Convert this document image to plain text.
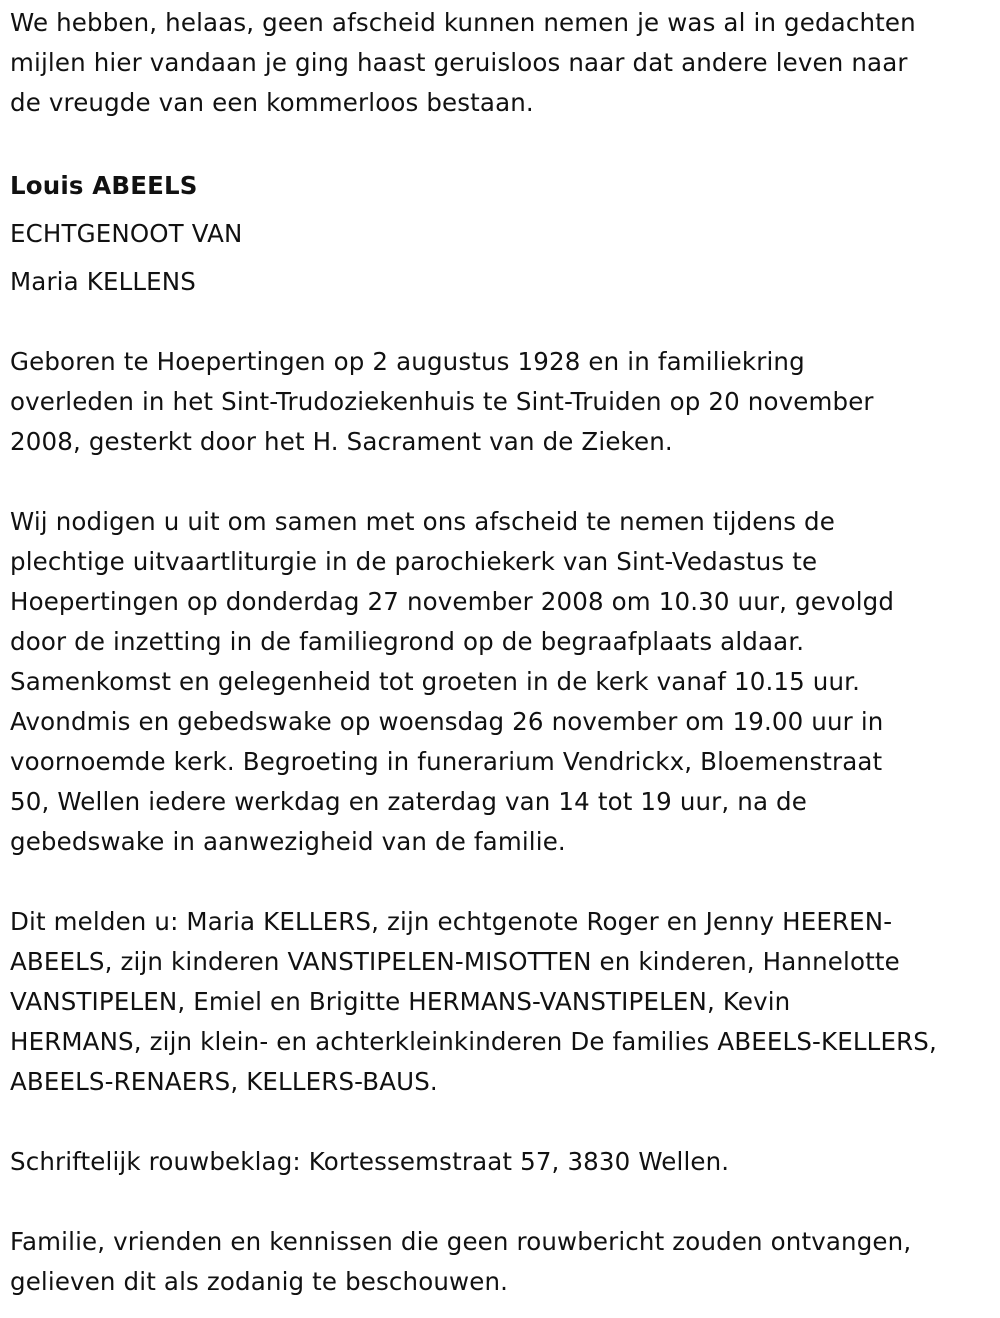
We hebben, helaas, geen afscheid kunnen nemen je was al in gedachten
mijlen hier vandaan je ging haast geruisloos naar dat andere leven naar
de vreugde van een kommerloos bestaan.

Louis ABEELS

ECHTGENOOT VAN

Maria KELLENS

Geboren te Hoepertingen op 2 augustus 1928 en in familiekring
overleden in het Sint-Trudoziekenhuis te Sint-Truiden op 20 november
2008, gesterkt door het H. Sacrament van de Zieken.

Wij nodigen u uit om samen met ons afscheid te nemen tijdens de
plechtige uitvaartliturgie in de parochiekerk van Sint-Vedastus te
Hoepertingen op donderdag 27 november 2008 om 10.30 uur, gevolgd
door de inzetting in de familiegrond op de begraafplaats aldaar.
Samenkomst en gelegenheid tot groeten in de kerk vanaf 10.15 uur.
Avondmis en gebedswake op woensdag 26 november om 19.00 uur in
voornoemde kerk. Begroeting in funerarium Vendrickx, Bloemenstraat
50, Wellen iedere werkdag en zaterdag van 14 tot 19 uur, na de
gebedswake in aanwezigheid van de familie.

Dit melden u: Maria KELLERS, zijn echtgenote Roger en Jenny HEEREN-
ABEELS, zijn kinderen VANSTIPELEN-MISOTTEN en kinderen, Hannelotte
VANSTIPELEN, Emiel en Brigitte HERMANS-VANSTIPELEN, Kevin
HERMANS, zijn klein- en achterkleinkinderen De families ABEELS-KELLERS,
ABEELS-RENAERS, KELLERS-BAUS.

Schriftelijk rouwbeklag: Kortessemstraat 57, 3830 Wellen.

Familie, vrienden en kennissen die geen rouwbericht zouden ontvangen,
gelieven dit als zodanig te beschouwen.
